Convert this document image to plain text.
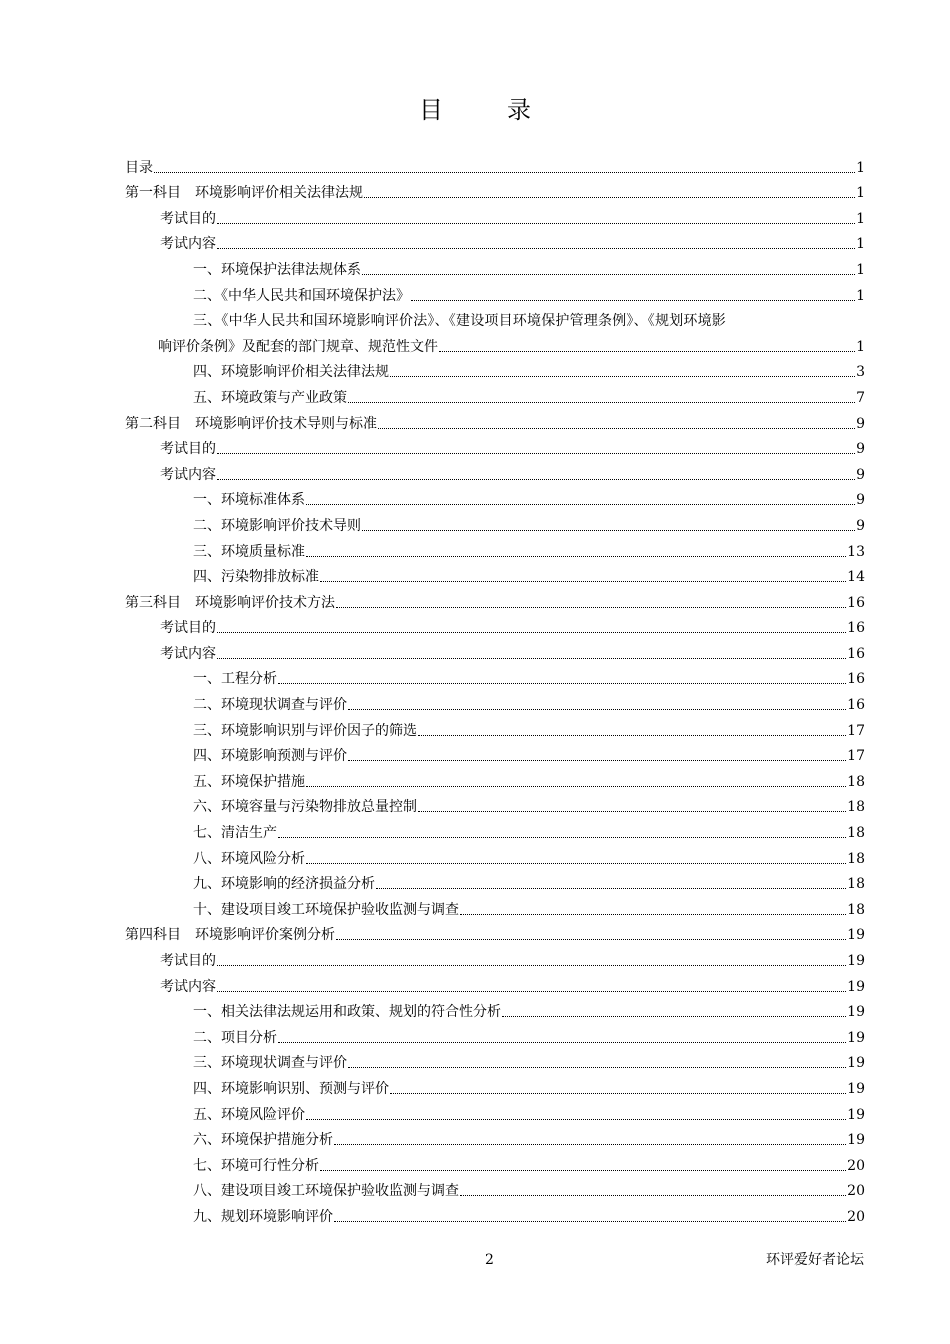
目　录
目录	1
第一科目　环境影响评价相关法律法规	1
考试目的	1
考试内容	1
一、环境保护法律法规体系	1
二、《中华人民共和国环境保护法》	1
三、《中华人民共和国环境影响评价法》、《建设项目环境保护管理条例》、《规划环境影
响评价条例》及配套的部门规章、规范性文件	1
四、环境影响评价相关法律法规	3
五、环境政策与产业政策	7
第二科目　环境影响评价技术导则与标准	9
考试目的	9
考试内容	9
一、环境标准体系	9
二、环境影响评价技术导则	9
三、环境质量标准	13
四、污染物排放标准	14
第三科目　环境影响评价技术方法	16
考试目的	16
考试内容	16
一、工程分析	16
二、环境现状调查与评价	16
三、环境影响识别与评价因子的筛选	17
四、环境影响预测与评价	17
五、环境保护措施	18
六、环境容量与污染物排放总量控制	18
七、清洁生产	18
八、环境风险分析	18
九、环境影响的经济损益分析	18
十、建设项目竣工环境保护验收监测与调查	18
第四科目　环境影响评价案例分析	19
考试目的	19
考试内容	19
一、相关法律法规运用和政策、规划的符合性分析	19
二、项目分析	19
三、环境现状调查与评价	19
四、环境影响识别、预测与评价	19
五、环境风险评价	19
六、环境保护措施分析	19
七、环境可行性分析	20
八、建设项目竣工环境保护验收监测与调查	20
九、规划环境影响评价	20
2	环评爱好者论坛
